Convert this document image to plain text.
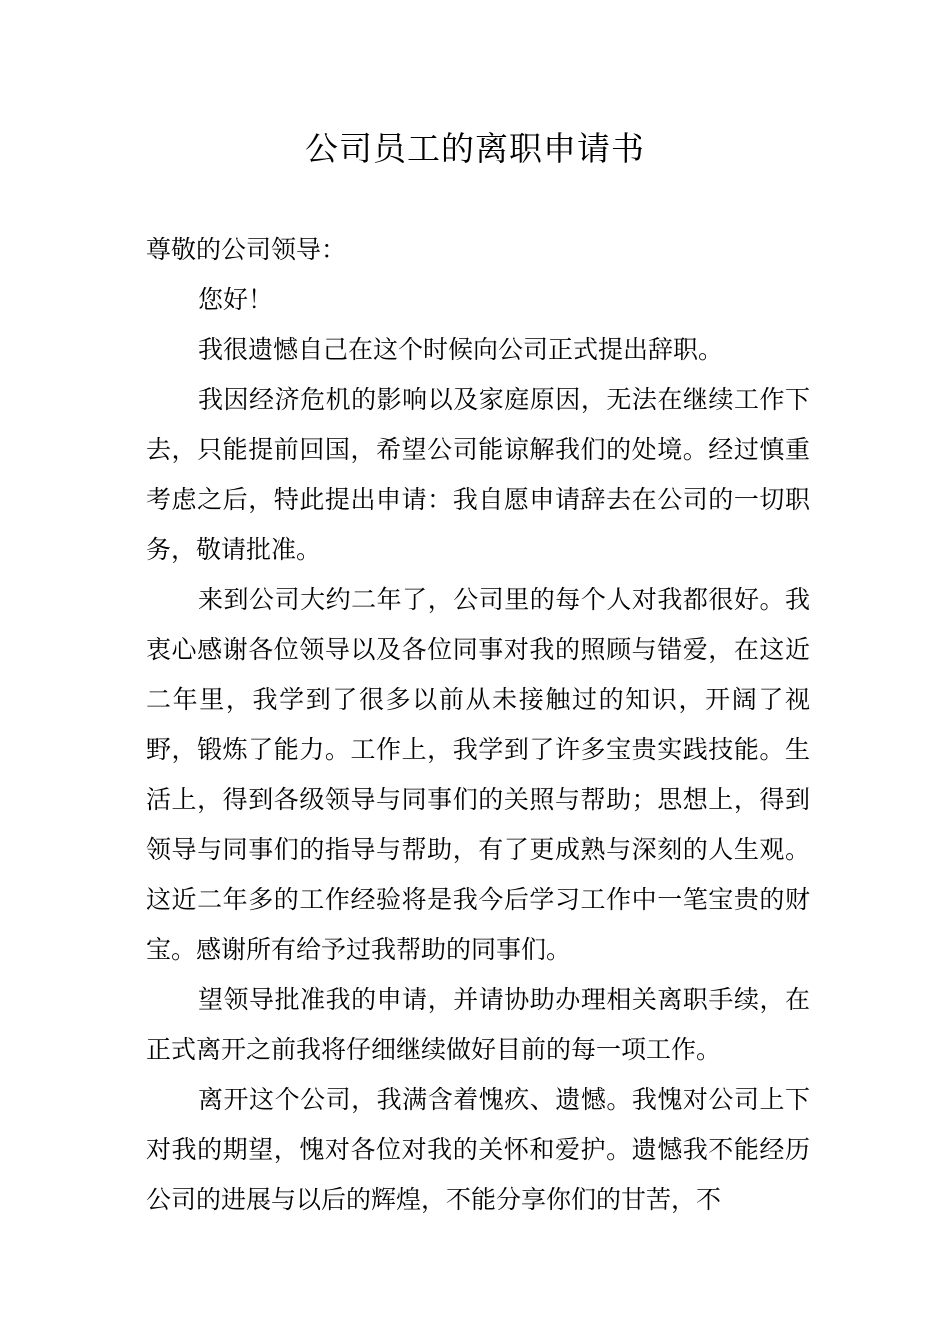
公司员工的离职申请书

尊敬的公司领导：

您好！

我很遗憾自己在这个时候向公司正式提出辞职。

我因经济危机的影响以及家庭原因，无法在继续工作下去，只能提前回国，希望公司能谅解我们的处境。经过慎重考虑之后，特此提出申请：我自愿申请辞去在公司的一切职务，敬请批准。

来到公司大约二年了，公司里的每个人对我都很好。我衷心感谢各位领导以及各位同事对我的照顾与错爱，在这近二年里，我学到了很多以前从未接触过的知识，开阔了视野，锻炼了能力。工作上，我学到了许多宝贵实践技能。生活上，得到各级领导与同事们的关照与帮助；思想上，得到领导与同事们的指导与帮助，有了更成熟与深刻的人生观。这近二年多的工作经验将是我今后学习工作中一笔宝贵的财宝。感谢所有给予过我帮助的同事们。

望领导批准我的申请，并请协助办理相关离职手续，在正式离开之前我将仔细继续做好目前的每一项工作。

离开这个公司，我满含着愧疚、遗憾。我愧对公司上下对我的期望，愧对各位对我的关怀和爱护。遗憾我不能经历公司的进展与以后的辉煌，不能分享你们的甘苦，不
